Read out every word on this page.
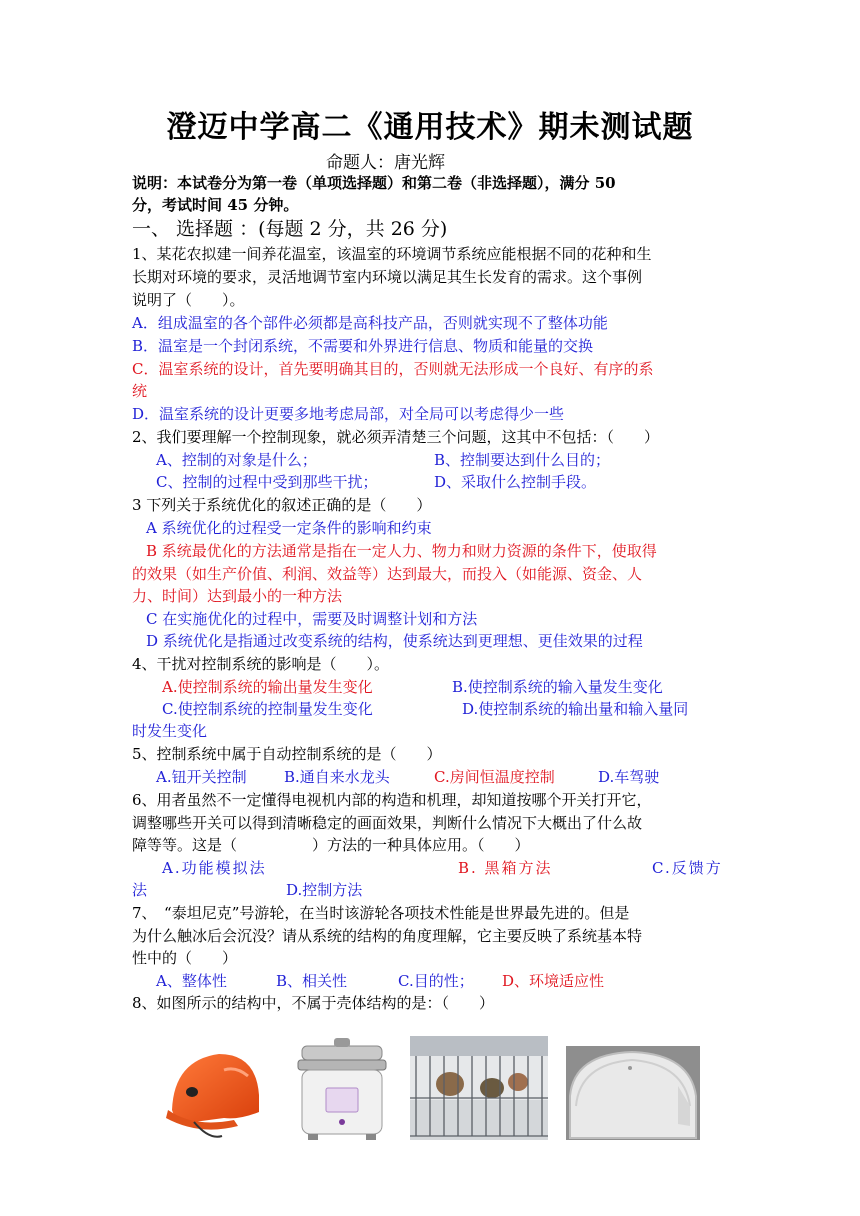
澄迈中学高二《通用技术》期未测试题
命题人：唐光辉
说明：本试卷分为第一卷（单项选择题）和第二卷（非选择题），满分 50
分，考试时间 45 分钟。
一、 选择题 ：(每题 2 分，共 26 分)
1、某花农拟建一间养花温室，该温室的环境调节系统应能根据不同的花种和生
长期对环境的要求，灵活地调节室内环境以满足其生长发育的需求。这个事例
说明了（　　）。
A．组成温室的各个部件必须都是高科技产品，否则就实现不了整体功能
B．温室是一个封闭系统，不需要和外界进行信息、物质和能量的交换
C．温室系统的设计，首先要明确其目的，否则就无法形成一个良好、有序的系
统
D．温室系统的设计更要多地考虑局部，对全局可以考虑得少一些
2、我们要理解一个控制现象，就必须弄清楚三个问题，这其中不包括：（　　）
A、控制的对象是什么；	B、控制要达到什么目的；
C、控制的过程中受到那些干扰；	D、采取什么控制手段。
3 下列关于系统优化的叙述正确的是（　　）
A 系统优化的过程受一定条件的影响和约束
B 系统最优化的方法通常是指在一定人力、物力和财力资源的条件下，使取得
的效果（如生产价值、利润、效益等）达到最大，而投入（如能源、资金、人
力、时间）达到最小的一种方法
C 在实施优化的过程中，需要及时调整计划和方法
D 系统优化是指通过改变系统的结构，使系统达到更理想、更佳效果的过程
4、干扰对控制系统的影响是（　　）。
A.使控制系统的输出量发生变化	B.使控制系统的输入量发生变化
C.使控制系统的控制量发生变化	D.使控制系统的输出量和输入量同
时发生变化
5、控制系统中属于自动控制系统的是（　　）
A.钮开关控制	B.通自来水龙头	C.房间恒温度控制	D.车驾驶
6、用者虽然不一定懂得电视机内部的构造和机理，却知道按哪个开关打开它，
调整哪些开关可以得到清晰稳定的画面效果，判断什么情况下大概出了什么故
障等等。这是（　　　　　）方法的一种具体应用。（　　）
A.功能模拟法	B. 黑箱方法	C.反馈方
法	D.控制方法
7、　“泰坦尼克”号游轮，在当时该游轮各项技术性能是世界最先进的。但是
为什么触冰后会沉没？请从系统的结构的角度理解，它主要反映了系统基本特
性中的（　　）
A、整体性	B、相关性	C.目的性；	D、环境适应性
8、如图所示的结构中，不属于壳体结构的是：（　　）
